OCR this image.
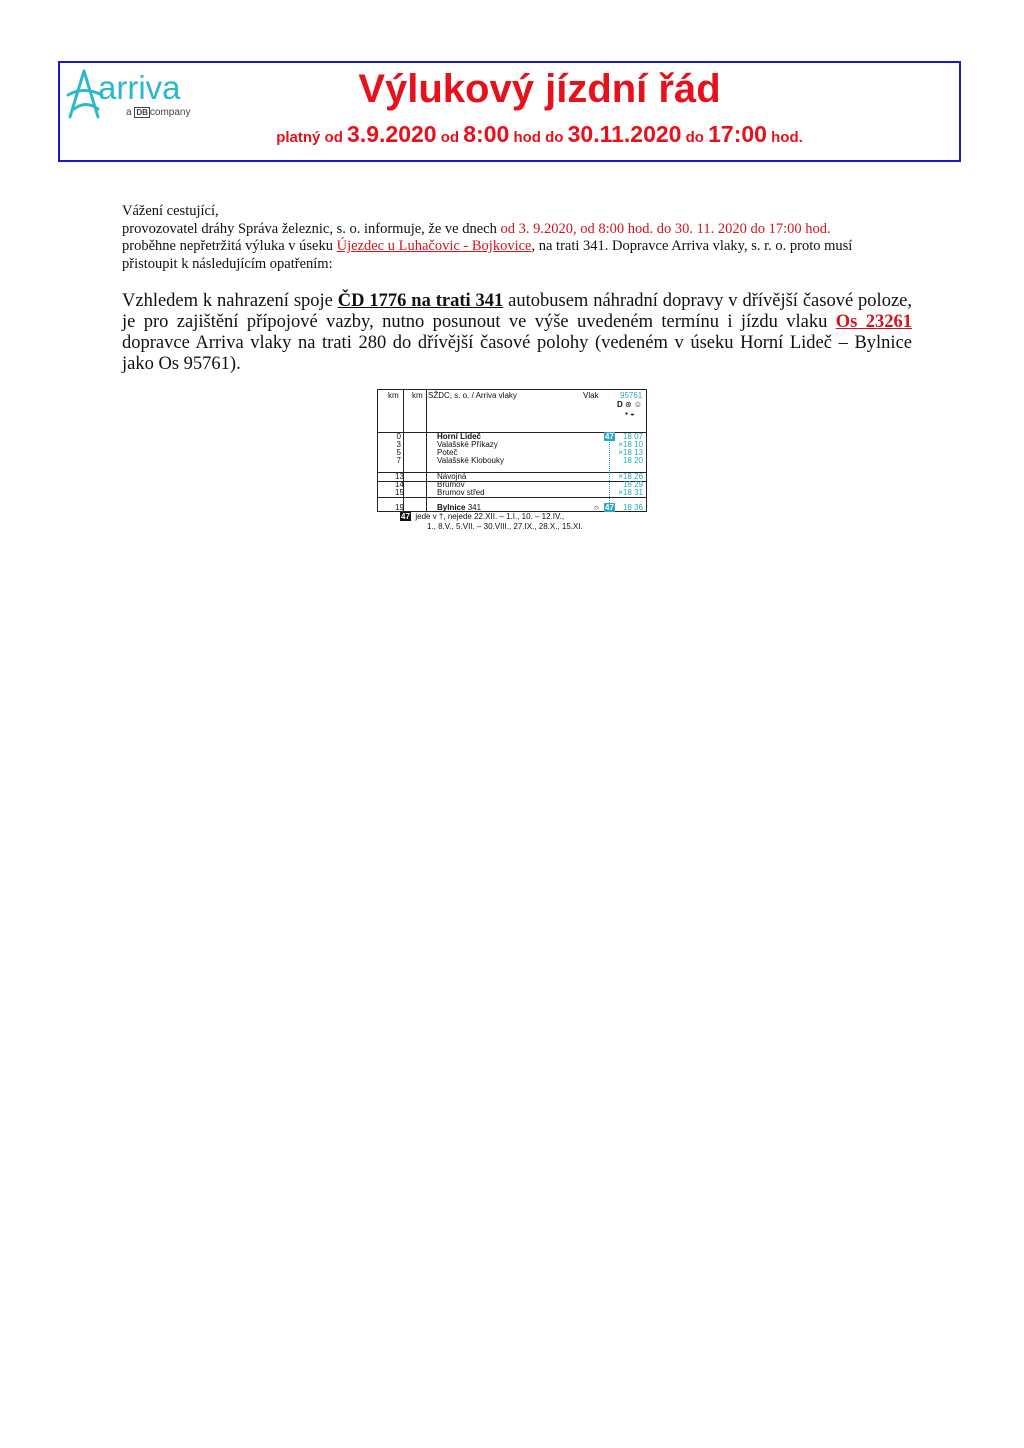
arriva
a DB company
Výlukový jízdní řád
platný od 3.9.2020 od 8:00 hod do 30.11.2020 do 17:00 hod.
Vážení cestující,
provozovatel dráhy Správa železnic, s. o. informuje, že ve dnech od 3. 9.2020, od 8:00 hod. do 30. 11. 2020 do 17:00 hod.
proběhne nepřetržitá výluka v úseku Újezdec u Luhačovic - Bojkovice, na trati 341. Dopravce Arriva vlaky, s. r. o. proto musí
přistoupit k následujícím opatřením:
Vzhledem k nahrazení spoje ČD 1776 na trati 341 autobusem náhradní dopravy v dřívější časové poloze, je pro zajištění přípojové vazby, nutno posunout ve výše uvedeném termínu i jízdu vlaku Os 23261 dopravce Arriva vlaky na trati 280 do dřívější časové polohy (vedeném v úseku Horní Lideč – Bylnice jako Os 95761).
km km SŽDC, s. o. / Arriva vlaky	Vlak	95761
D ⊛ ☺
▪ ◒
47
○ 47
0	Horní Lideč	18 07
3	Valašské Příkazy	×18 10
5	Poteč	×18 13
7	Valašské Klobouky	18 20
13	Návojná	×18 26
14	Brumov	18 29
15	Brumov střed	×18 31
19	Bylnice 341	18 36
47 jede v †, nejede 22.XII. – 1.I., 10. – 12.IV.,
1., 8.V., 5.VII. – 30.VIII., 27.IX., 28.X., 15.XI.
